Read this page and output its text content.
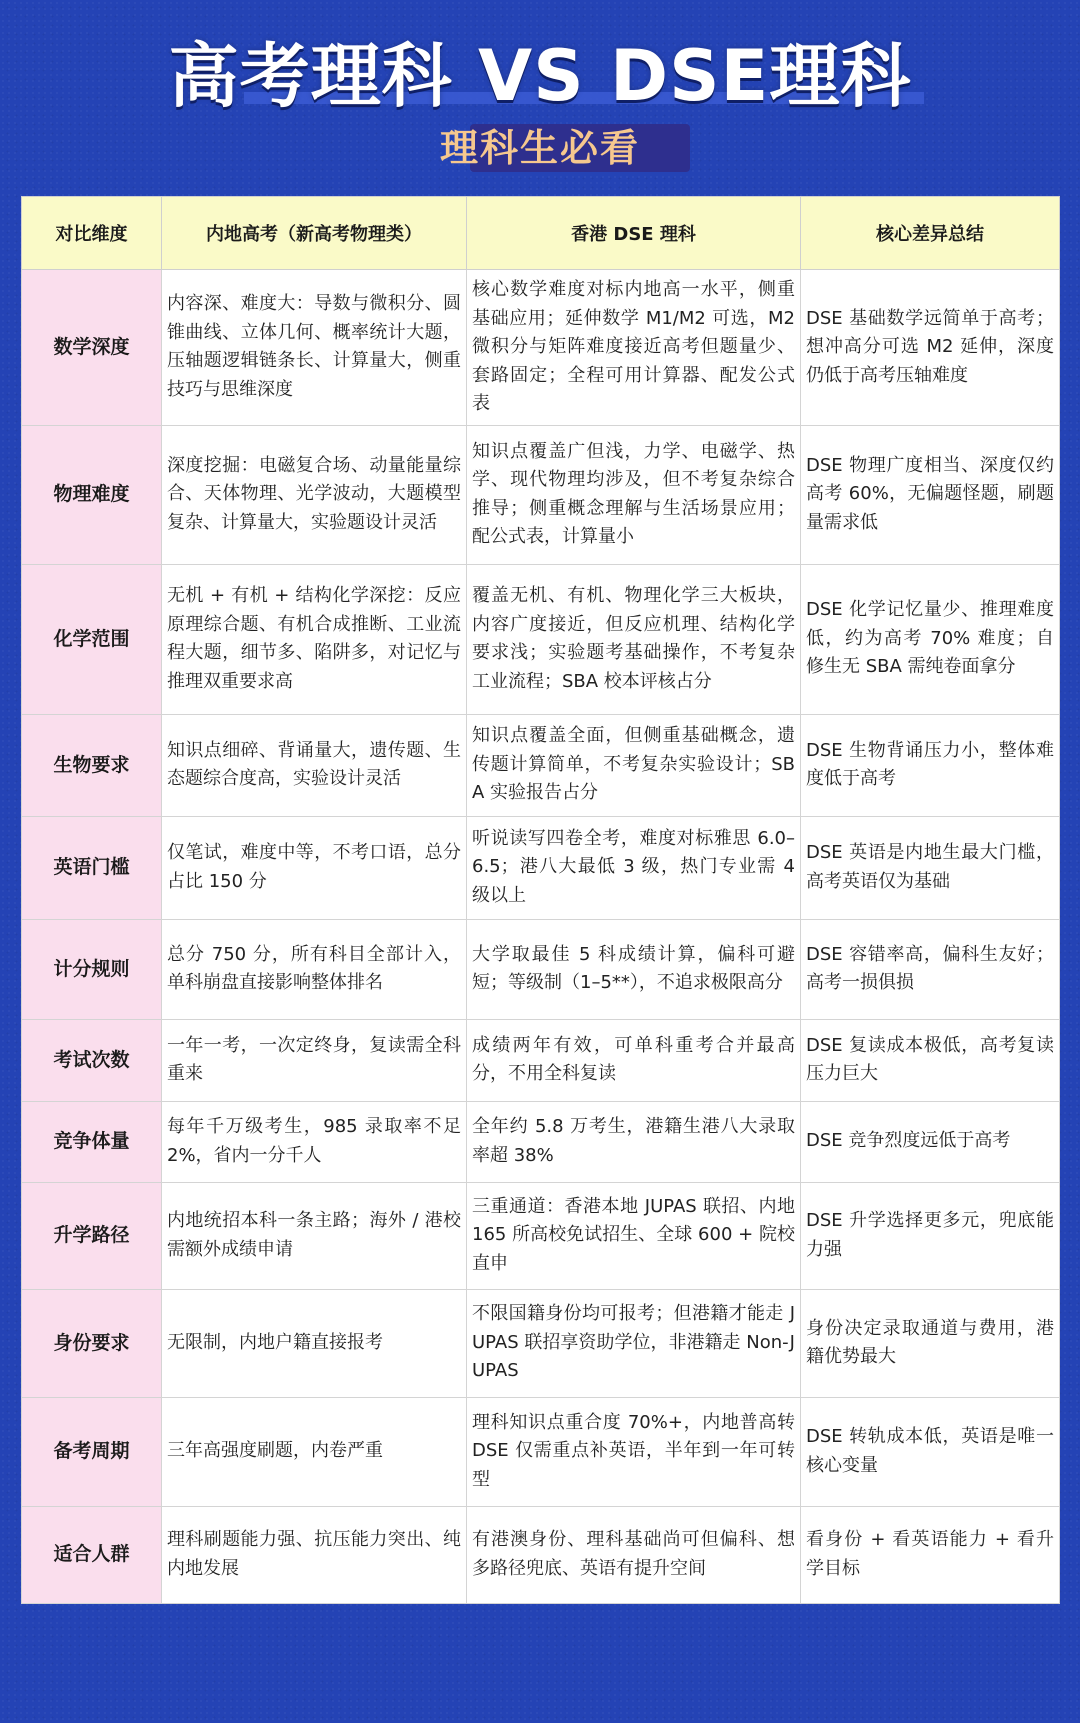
高考理科 VS DSE理科
理科生必看
对比维度	内地高考（新高考物理类）	香港 DSE 理科	核心差异总结
数学深度	内容深、难度大：导数与微积分、圆锥曲线、立体几何、概率统计大题，压轴题逻辑链条长、计算量大，侧重技巧与思维深度	核心数学难度对标内地高一水平，侧重基础应用；延伸数学 M1/M2 可选，M2 微积分与矩阵难度接近高考但题量少、套路固定；全程可用计算器、配发公式表	DSE 基础数学远简单于高考；想冲高分可选 M2 延伸，深度仍低于高考压轴难度
物理难度	深度挖掘：电磁复合场、动量能量综合、天体物理、光学波动，大题模型复杂、计算量大，实验题设计灵活	知识点覆盖广但浅，力学、电磁学、热学、现代物理均涉及，但不考复杂综合推导；侧重概念理解与生活场景应用；配公式表，计算量小	DSE 物理广度相当、深度仅约高考 60%，无偏题怪题，刷题量需求低
化学范围	无机 + 有机 + 结构化学深挖：反应原理综合题、有机合成推断、工业流程大题，细节多、陷阱多，对记忆与推理双重要求高	覆盖无机、有机、物理化学三大板块，内容广度接近，但反应机理、结构化学要求浅；实验题考基础操作，不考复杂工业流程；SBA 校本评核占分	DSE 化学记忆量少、推理难度低，约为高考 70% 难度；自修生无 SBA 需纯卷面拿分
生物要求	知识点细碎、背诵量大，遗传题、生态题综合度高，实验设计灵活	知识点覆盖全面，但侧重基础概念，遗传题计算简单，不考复杂实验设计；SBA 实验报告占分	DSE 生物背诵压力小，整体难度低于高考
英语门槛	仅笔试，难度中等，不考口语，总分占比 150 分	听说读写四卷全考，难度对标雅思 6.0–6.5；港八大最低 3 级，热门专业需 4 级以上	DSE 英语是内地生最大门槛，高考英语仅为基础
计分规则	总分 750 分，所有科目全部计入，单科崩盘直接影响整体排名	大学取最佳 5 科成绩计算，偏科可避短；等级制（1–5**），不追求极限高分	DSE 容错率高，偏科生友好；高考一损俱损
考试次数	一年一考，一次定终身，复读需全科重来	成绩两年有效，可单科重考合并最高分，不用全科复读	DSE 复读成本极低，高考复读压力巨大
竞争体量	每年千万级考生，985 录取率不足 2%，省内一分千人	全年约 5.8 万考生，港籍生港八大录取率超 38%	DSE 竞争烈度远低于高考
升学路径	内地统招本科一条主路；海外 / 港校需额外成绩申请	三重通道：香港本地 JUPAS 联招、内地 165 所高校免试招生、全球 600 + 院校直申	DSE 升学选择更多元，兜底能力强
身份要求	无限制，内地户籍直接报考	不限国籍身份均可报考；但港籍才能走 JUPAS 联招享资助学位，非港籍走 Non-JUPAS	身份决定录取通道与费用，港籍优势最大
备考周期	三年高强度刷题，内卷严重	理科知识点重合度 70%+，内地普高转 DSE 仅需重点补英语，半年到一年可转型	DSE 转轨成本低，英语是唯一核心变量
适合人群	理科刷题能力强、抗压能力突出、纯内地发展	有港澳身份、理科基础尚可但偏科、想多路径兜底、英语有提升空间	看身份 + 看英语能力 + 看升学目标
